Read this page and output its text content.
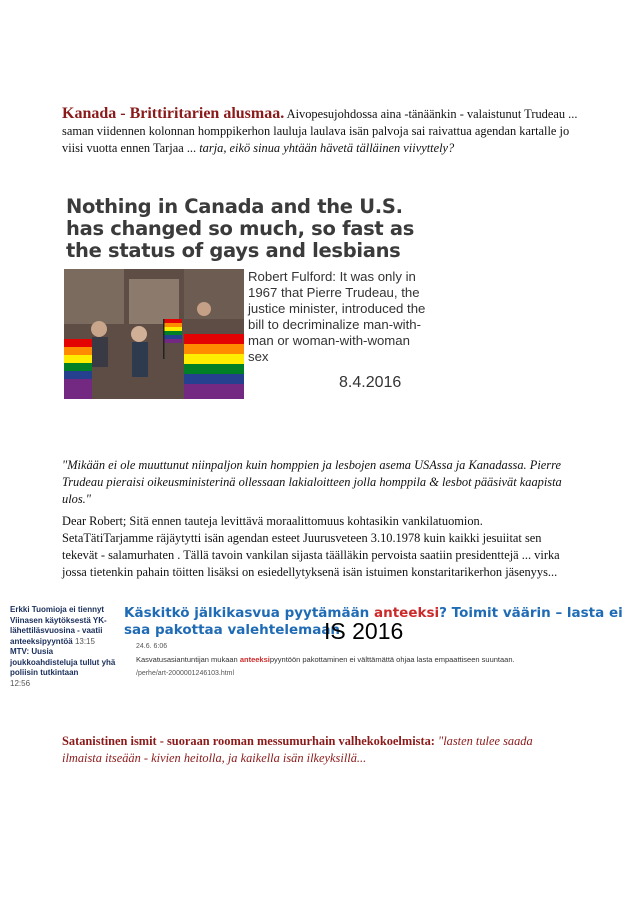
Kanada - Brittiritarien alusmaa. Aivopesujohdossa aina -tänäänkin - valaistunut Trudeau ... saman viidennen kolonnan homppikerhon lauluja laulava isän palvoja sai raivattua agendan kartalle jo viisi vuotta ennen Tarjaa ... tarja, eikö sinua yhtään hävetä tälläinen viivyttely?
Nothing in Canada and the U.S. has changed so much, so fast as the status of gays and lesbians
Robert Fulford: It was only in 1967 that Pierre Trudeau, the justice minister, introduced the bill to decriminalize man-with-man or woman-with-woman sex
8.4.2016

"Mikään ei ole muuttunut niinpaljon kuin homppien ja lesbojen asema USAssa ja Kanadassa. Pierre Trudeau pieraisi oikeusministerinä ollessaan lakialoitteen jolla homppila & lesbot pääsivät kaapista ulos."

Dear Robert; Sitä ennen tauteja levittävä moraalittomuus kohtasikin vankilatuomion. SetaTätiTarjamme räjäytytti isän agendan esteet Juurusveteen 3.10.1978 kuin kaikki jesuiitat sen tekevät - salamurhaten . Tällä tavoin vankilan sijasta täälläkin pervoista saatiin presidenttejä ... virka jossa tietenkin pahain töitten lisäksi on esiedellytyksenä isän istuimen konstaritarikerhon jäsenyys...

Erkki Tuomioja ei tiennyt Viinasen käytöksestä YK-lähettiläsvuosina - vaatii anteeksipyyntöä 13:15
MTV: Uusia joukkoahdisteluja tullut yhä poliisin tutkintaan
12:56
Käskitkö jälkikasvua pyytämään anteeksi? Toimit väärin – lasta ei saa pakottaa valehtelemaan
24.6. 6:06
IS 2016
Kasvatusasiantuntijan mukaan anteeksipyyntöön pakottaminen ei välttämättä ohjaa lasta empaattiseen suuntaan.
/perhe/art-2000001246103.html

Satanistinen ismit - suoraan rooman messumurhain valhekokoelmista: "lasten tulee saada ilmaista itseään - kivien heitolla, ja kaikella isän ilkeyksillä...
